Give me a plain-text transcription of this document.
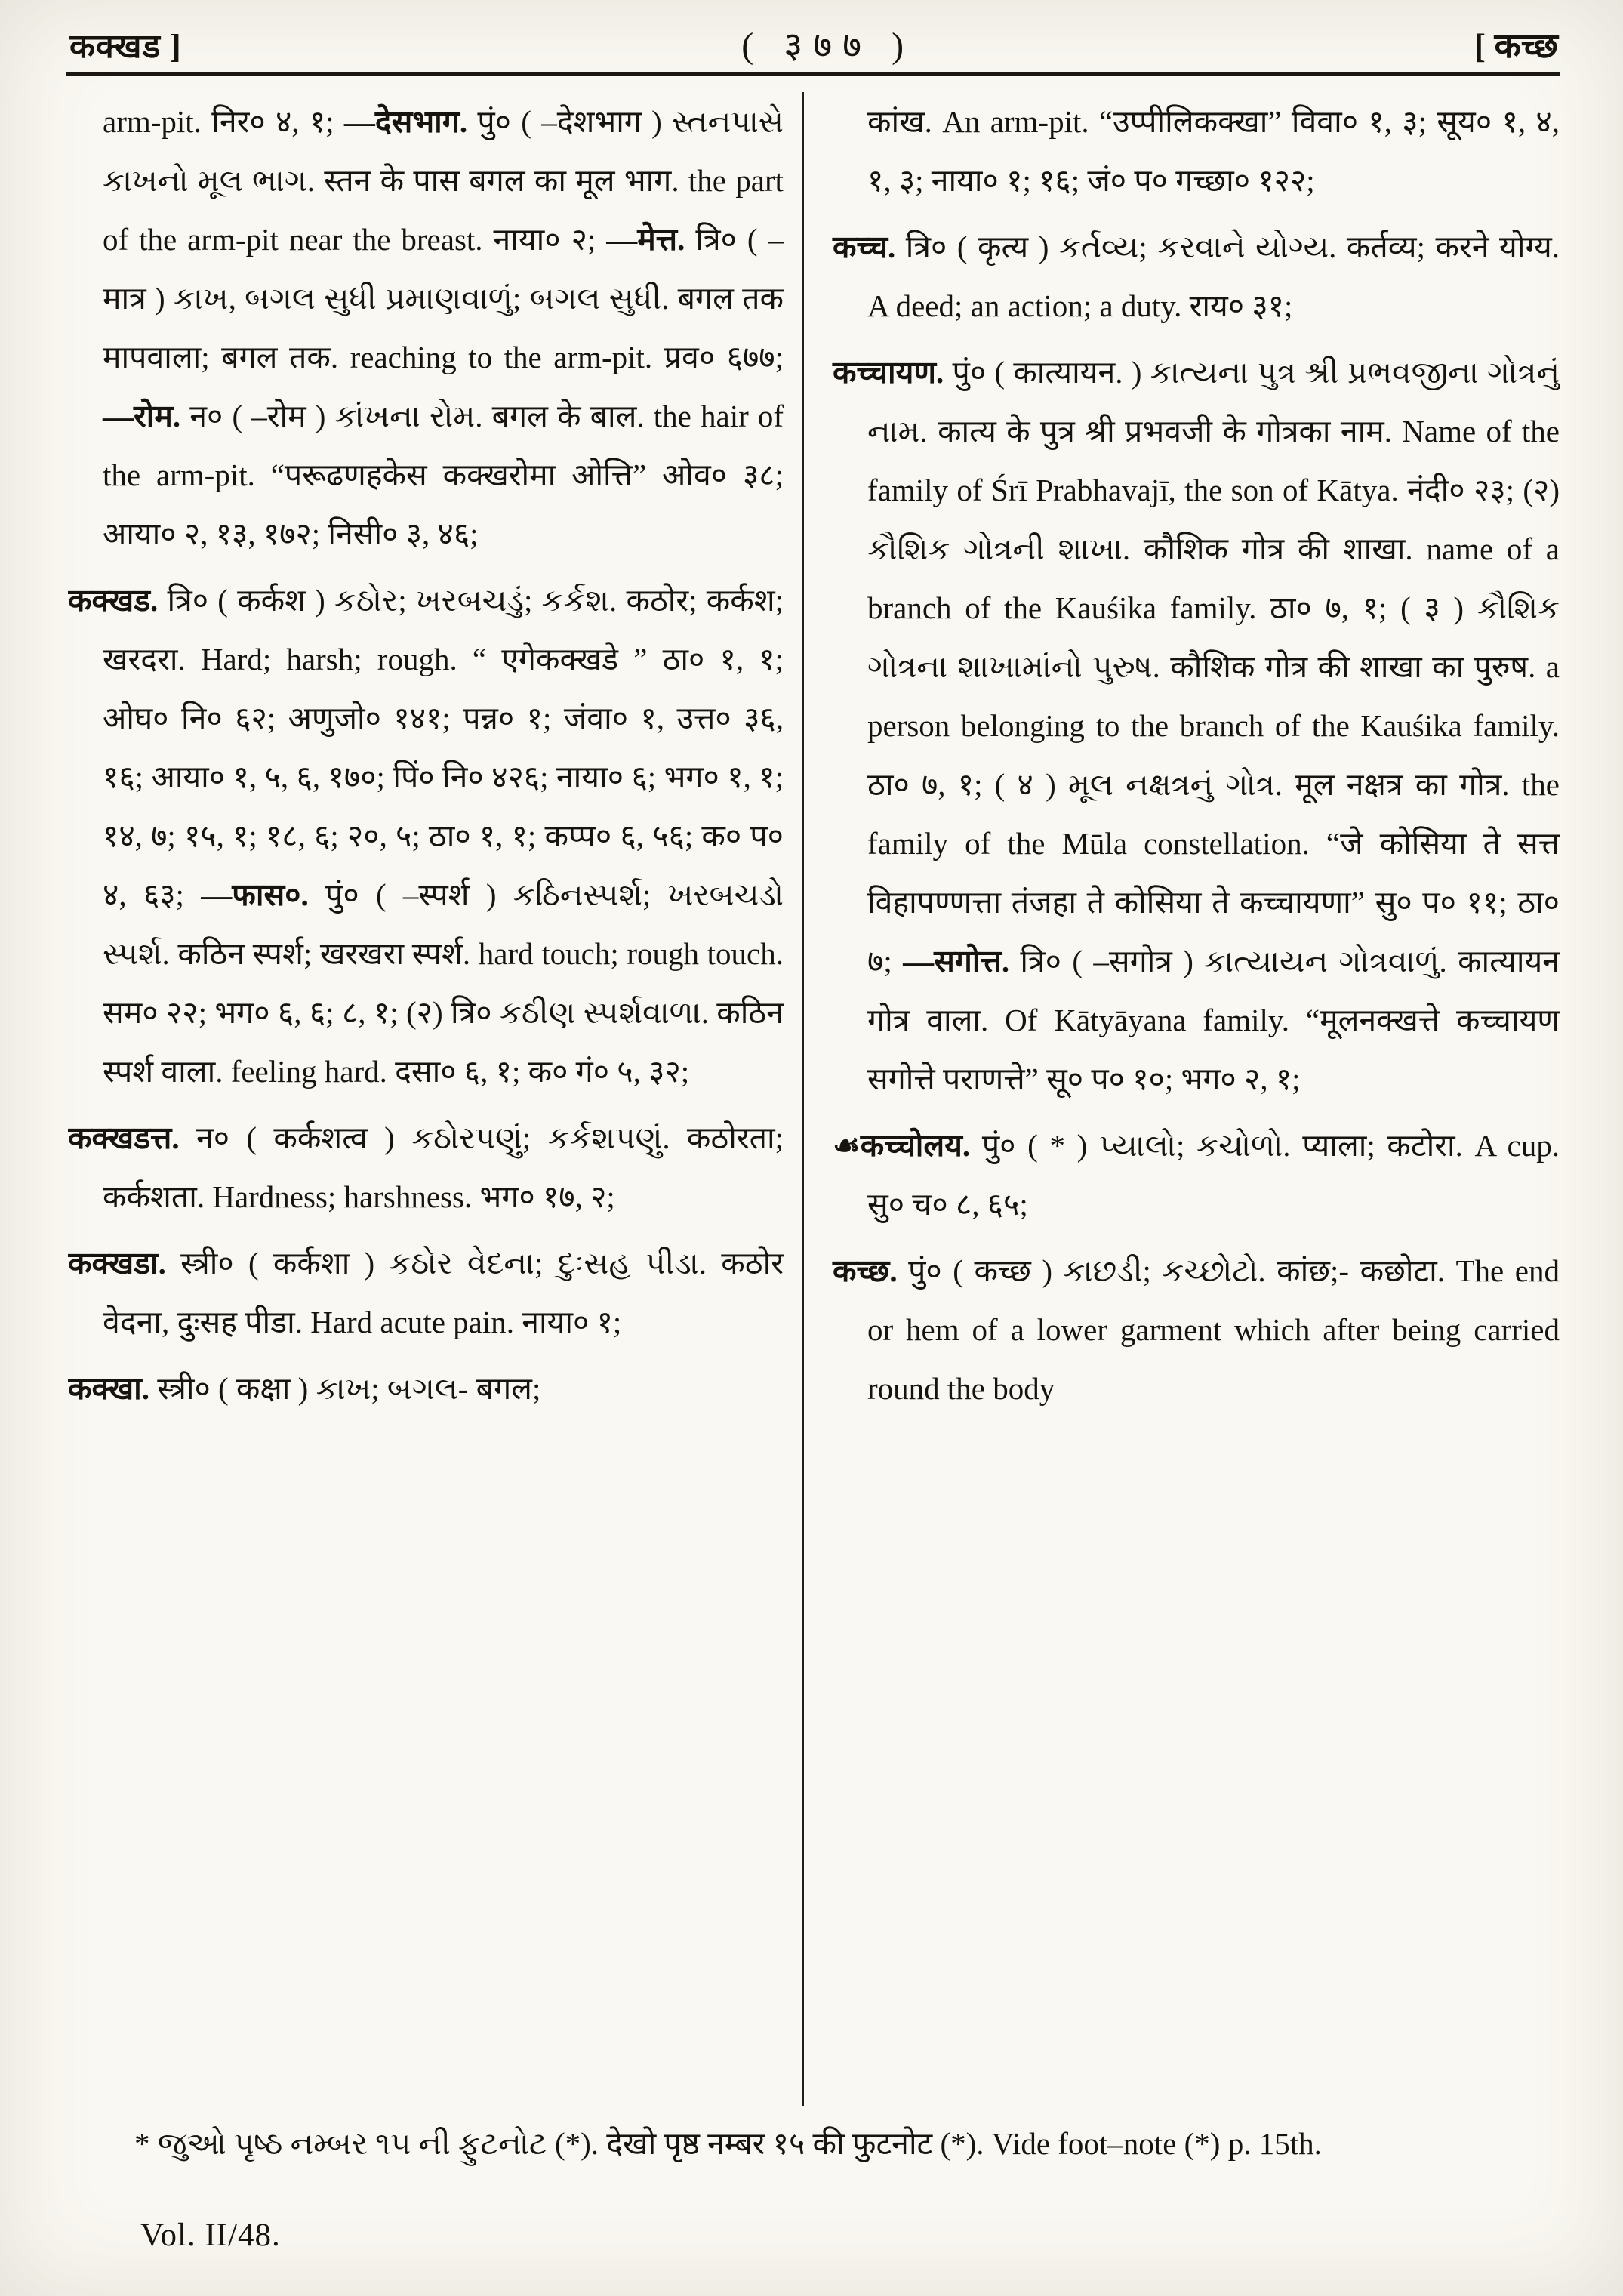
कक्खड ]	( ३७७ )	[ कच्छ

arm-pit. निर० ४, १; —देसभाग. पुं० ( –देशभाग ) સ્તનપાસે કાખનો મૂલ ભાગ. स्तन के पास बगल का मूल भाग. the part of the arm-pit near the breast. नाया० २; —मेत्त. त्रि० ( –मात्र ) કાખ, બગલ સુધી પ્રમાણવાળું; બગલ સુધી. बगल तक मापवाला; बगल तक. reaching to the arm-pit. प्रव० ६७७; —रोम. न० ( –रोम ) કાંખના રોમ. बगल के बाल. the hair of the arm-pit. “परूढणहकेस कक्खरोमा ओत्ति” ओव० ३८; आया० २, १३, १७२; निसी० ३, ४६;

कक्खड. त्रि० ( कर्कश ) કઠોર; ખરબચડું; કર્કશ. कठोर; कर्कश; खरदरा. Hard; harsh; rough. “ एगेकक्खडे ” ठा० १, १; ओघ० नि० ६२; अणुजो० १४१; पन्न० १; जंवा० १, उत्त० ३६, १६; आया० १, ५, ६, १७०; पिं० नि० ४२६; नाया० ६; भग० १, १; १४, ७; १५, १; १८, ६; २०, ५; ठा० १, १; कप्प० ६, ५६; क० प० ४, ६३; —फास०. पुं० ( –स्पर्श ) કઠિનસ્પર્શ; ખરબચડો સ્પર્શ. कठिन स्पर्श; खरखरा स्पर्श. hard touch; rough touch. सम० २२; भग० ६, ६; ८, १; (२) त्रि० કઠીણ સ્પર્શવાળા. कठिन स्पर्श वाला. feeling hard. दसा० ६, १; क० गं० ५, ३२;

कक्खडत्त. न० ( कर्कशत्व ) કઠોરપણું; કર્કશપણું. कठोरता; कर्कशता. Hardness; harshness. भग० १७, २;

कक्खडा. स्त्री० ( कर्कशा ) કઠોર વેદના; દુઃસહ પીડા. कठोर वेदना, दुःसह पीडा. Hard acute pain. नाया० १;

कक्खा. स्त्री० ( कक्षा ) કાખ; બગલ- बगल;

कांख. An arm-pit. “उप्पीलिकक्खा” विवा० १, ३; सूय० १, ४, १, ३; नाया० १; १६; जं० प० गच्छा० १२२;

कच्च. त्रि० ( कृत्य ) કર્તવ્ય; કરવાને યોગ્ય. कर्तव्य; करने योग्य. A deed; an action; a duty. राय० ३१;

कच्चायण. पुं० ( कात्यायन. ) કાત્યના પુત્ર શ્રી પ્રભવજીના ગોત્રનું નામ. कात्य के पुत्र श्री प्रभवजी के गोत्रका नाम. Name of the family of Śrī Prabhavajī, the son of Kātya. नंदी० २३; (२) કૌશિક ગોત્રની શાખા. कौशिक गोत्र की शाखा. name of a branch of the Kauśika family. ठा० ७, १; ( ३ ) કૌશિક ગોત્રના શાખામાંનો પુરુષ. कौशिक गोत्र की शाखा का पुरुष. a person belonging to the branch of the Kauśika family. ठा० ७, १; ( ४ ) મૂલ નક્ષત્રનું ગોત્ર. मूल नक्षत्र का गोत्र. the family of the Mūla constellation. “जे कोसिया ते सत्त विहापण्णत्ता तंजहा ते कोसिया ते कच्चायणा” सु० प० ११; ठा० ७; —सगोत्त. त्रि० ( –सगोत्र ) કાત્યાયન ગોત્રવાળું. कात्यायन गोत्र वाला. Of Kātyāyana family. “मूलनक्खत्ते कच्चायण सगोत्ते पराणत्ते” सू० प० १०; भग० २, १;

☙कच्चोलय. पुं० ( * ) પ્યાલો; કચોળો. प्याला; कटोरा. A cup. सु० च० ८, ६५;

कच्छ. पुं० ( कच्छ ) કાછડી; કચ્છોટો. कांछ;- कछोटा. The end or hem of a lower garment which after being carried round the body

* જુઓ પૃષ્ઠ નમ્બર ૧૫ ની ફુટનોટ (*). देखो पृष्ठ नम्बर १५ की फुटनोट (*). Vide foot–note (*) p. 15th.

Vol. II/48.
